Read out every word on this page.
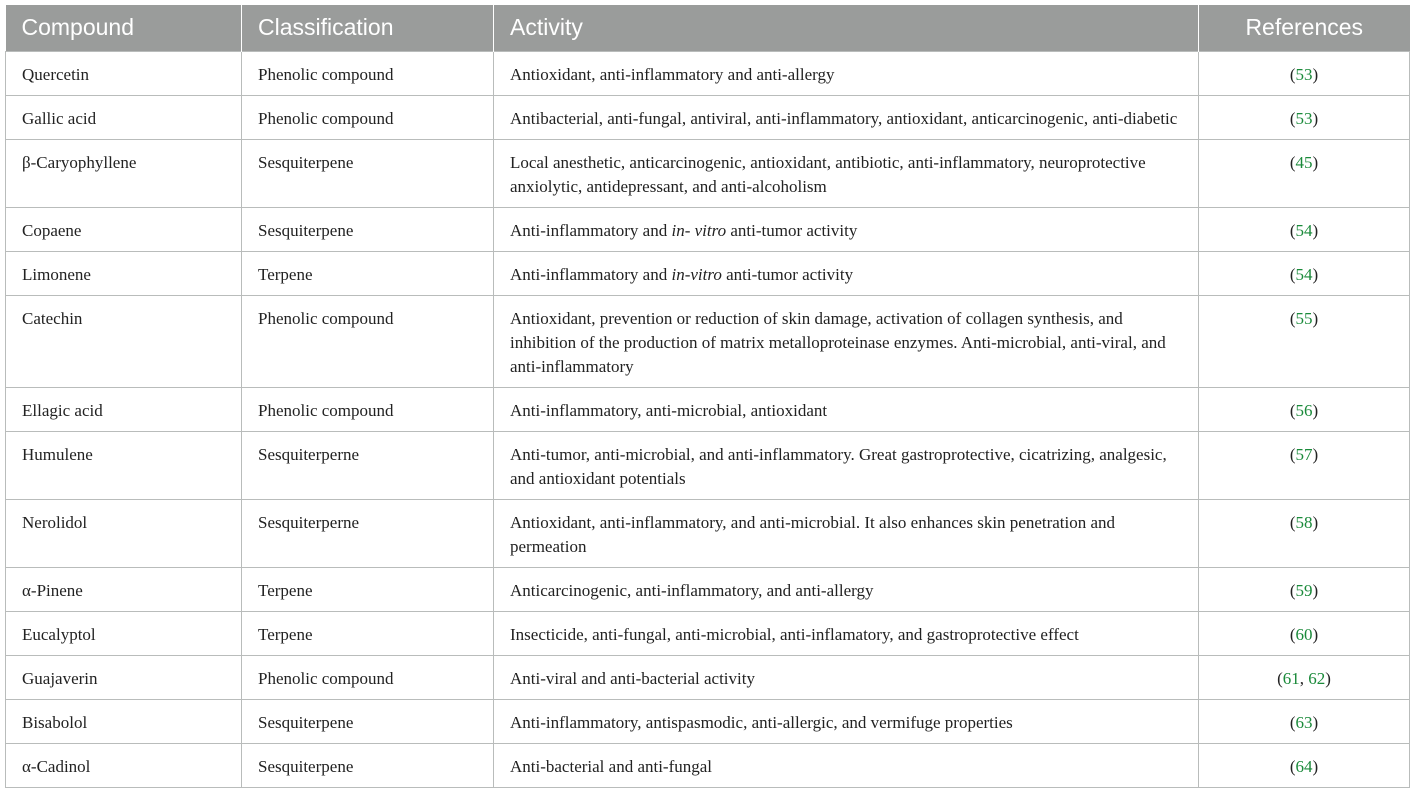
Compound	Classification	Activity	References
Quercetin	Phenolic compound	Antioxidant, anti-inflammatory and anti-allergy	(53)
Gallic acid	Phenolic compound	Antibacterial, anti-fungal, antiviral, anti-inflammatory, antioxidant, anticarcinogenic, anti-diabetic	(53)
β-Caryophyllene	Sesquiterpene	Local anesthetic, anticarcinogenic, antioxidant, antibiotic, anti-inflammatory, neuroprotective anxiolytic, antidepressant, and anti-alcoholism	(45)
Copaene	Sesquiterpene	Anti-inflammatory and in- vitro anti-tumor activity	(54)
Limonene	Terpene	Anti-inflammatory and in-vitro anti-tumor activity	(54)
Catechin	Phenolic compound	Antioxidant, prevention or reduction of skin damage, activation of collagen synthesis, and inhibition of the production of matrix metalloproteinase enzymes. Anti-microbial, anti-viral, and anti-inflammatory	(55)
Ellagic acid	Phenolic compound	Anti-inflammatory, anti-microbial, antioxidant	(56)
Humulene	Sesquiterperne	Anti-tumor, anti-microbial, and anti-inflammatory. Great gastroprotective, cicatrizing, analgesic, and antioxidant potentials	(57)
Nerolidol	Sesquiterperne	Antioxidant, anti-inflammatory, and anti-microbial. It also enhances skin penetration and permeation	(58)
α-Pinene	Terpene	Anticarcinogenic, anti-inflammatory, and anti-allergy	(59)
Eucalyptol	Terpene	Insecticide, anti-fungal, anti-microbial, anti-inflamatory, and gastroprotective effect	(60)
Guajaverin	Phenolic compound	Anti-viral and anti-bacterial activity	(61, 62)
Bisabolol	Sesquiterpene	Anti-inflammatory, antispasmodic, anti-allergic, and vermifuge properties	(63)
α-Cadinol	Sesquiterpene	Anti-bacterial and anti-fungal	(64)
